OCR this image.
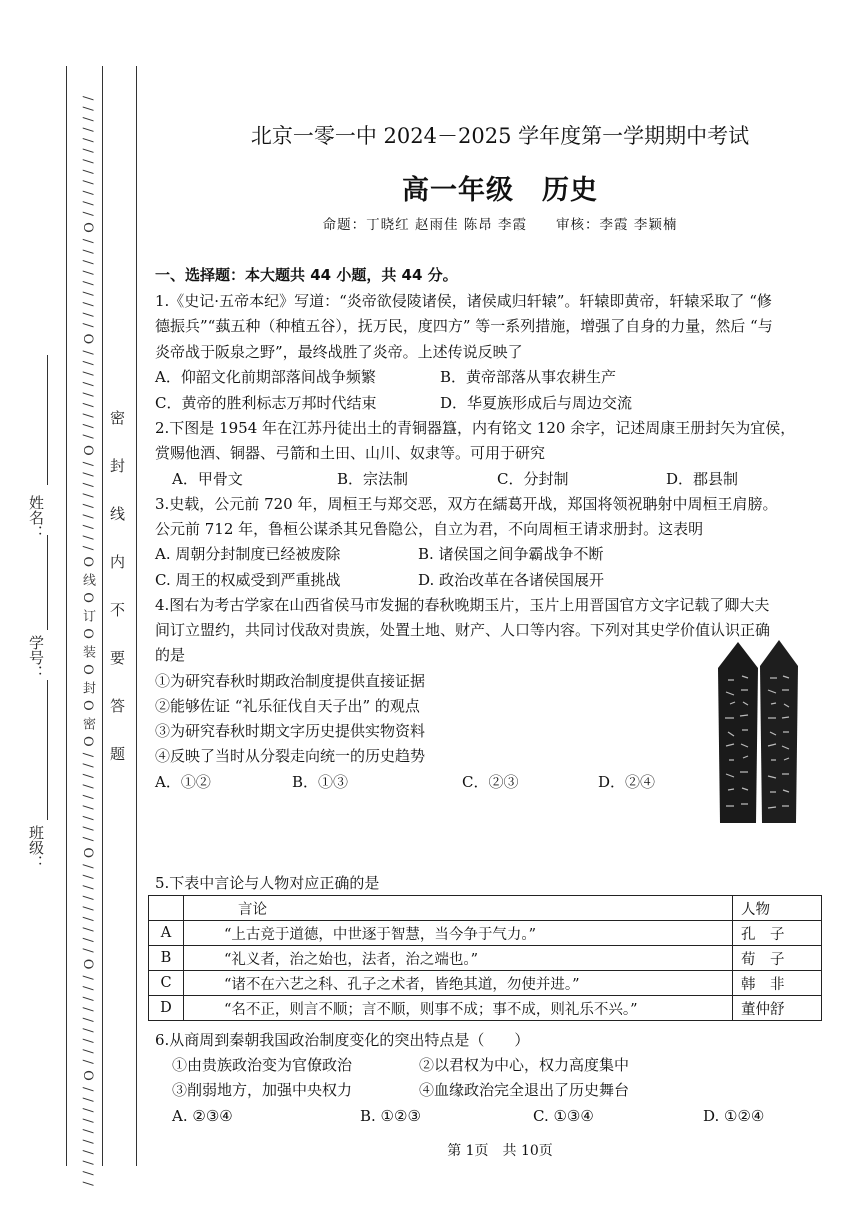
/ / / / / / / / / / / / O / / / / / / / / / O / / / / / / / / / O / / / / / / / / / O 线 O 订 O 装 O 封 O 密 O / / / / / / / / / O / / / / / / / / / O / / / / / / / / / O / / / / / / / / / / 密封线内不要答题
姓名：
学号：
班级：
北京一零一中 2024－2025 学年度第一学期期中考试
高一年级　历史
命题：丁晓红 赵雨佳 陈昂 李霞　　审核：李霞 李颖楠
一、选择题：本大题共 44 小题，共 44 分。
1.《史记·五帝本纪》写道：“炎帝欲侵陵诸侯，诸侯咸归轩辕”。轩辕即黄帝，轩辕采取了 “修
德振兵”“蓺五种（种植五谷），抚万民，度四方” 等一系列措施，增强了自身的力量，然后 “与
炎帝战于阪泉之野”，最终战胜了炎帝。上述传说反映了
A．仰韶文化前期部落间战争频繁	B．黄帝部落从事农耕生产
C．黄帝的胜利标志万邦时代结束	D．华夏族形成后与周边交流
2.下图是 1954 年在江苏丹徒出土的青铜器簋，内有铭文 120 余字，记述周康王册封矢为宜侯，
赏赐他酒、铜器、弓箭和土田、山川、奴隶等。可用于研究
A．甲骨文	B．宗法制	C．分封制	D．郡县制
3.史载，公元前 720 年，周桓王与郑交恶，双方在繻葛开战，郑国将领祝聃射中周桓王肩膀。
公元前 712 年，鲁桓公谋杀其兄鲁隐公，自立为君，不向周桓王请求册封。这表明
A. 周朝分封制度已经被废除	B. 诸侯国之间争霸战争不断
C. 周王的权威受到严重挑战	D. 政治改革在各诸侯国展开
4.图右为考古学家在山西省侯马市发掘的春秋晚期玉片，玉片上用晋国官方文字记载了卿大夫
间订立盟约，共同讨伐敌对贵族，处置土地、财产、人口等内容。下列对其史学价值认识正确
的是
①为研究春秋时期政治制度提供直接证据
②能够佐证 “礼乐征伐自天子出” 的观点
③为研究春秋时期文字历史提供实物资料
④反映了当时从分裂走向统一的历史趋势
A．①②	B．①③	C．②③	D．②④
5.下表中言论与人物对应正确的是
	言论	人物
A	“上古竞于道德，中世逐于智慧，当今争于气力。”	孔　子
B	“礼义者，治之始也，法者，治之端也。”	荀　子
C	“诸不在六艺之科、孔子之术者，皆绝其道，勿使并进。”	韩　非
D	“名不正，则言不顺；言不顺，则事不成；事不成，则礼乐不兴。”	董仲舒
6.从商周到秦朝我国政治制度变化的突出特点是（　　）
①由贵族政治变为官僚政治	②以君权为中心，权力高度集中
③削弱地方，加强中央权力	④血缘政治完全退出了历史舞台
A. ②③④	B. ①②③	C. ①③④	D. ①②④
第 1页　共 10页
